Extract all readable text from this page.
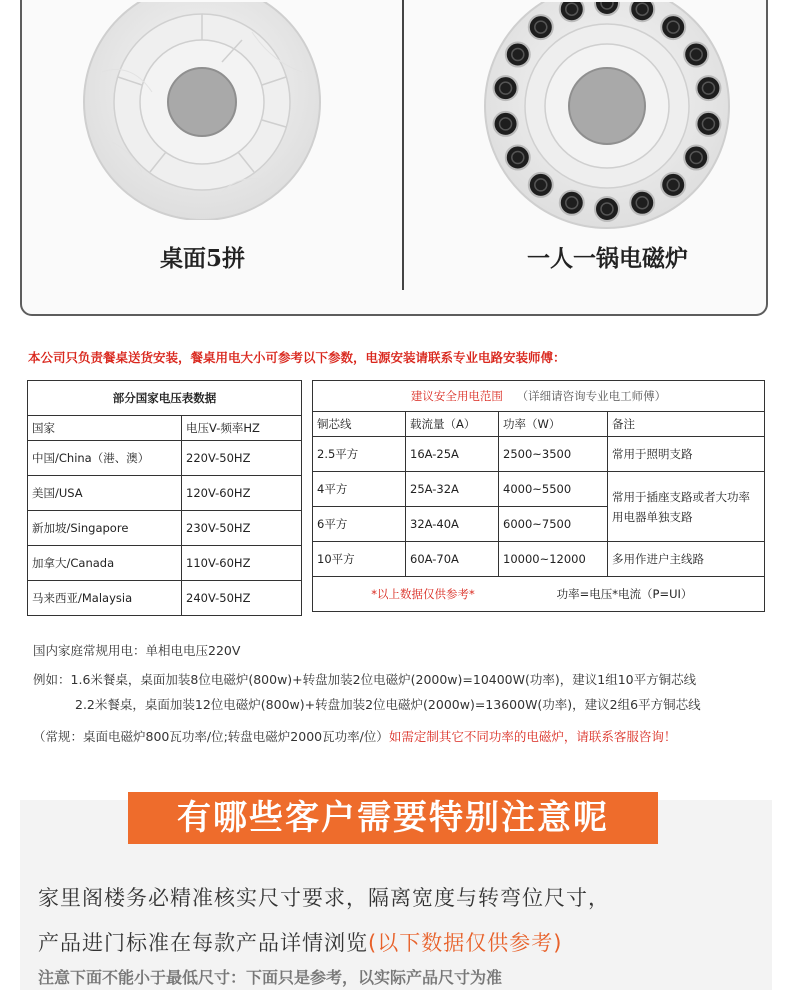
桌面5拼	一人一锅电磁炉
本公司只负责餐桌送货安装，餐桌用电大小可参考以下参数，电源安装请联系专业电路安装师傅：
部分国家电压表数据	
国家	电压V-频率HZ
中国/China（港、澳）	220V-50HZ
美国/USA	120V-60HZ
新加坡/Singapore	230V-50HZ
加拿大/Canada	110V-60HZ
马来西亚/Malaysia	240V-50HZ
建议安全用电范围 （详细请咨询专业电工师傅）			
铜芯线	载流量（A）	功率（W）	备注
2.5平方	16A-25A	2500~3500	常用于照明支路
4平方	25A-32A	4000~5500	常用于插座支路或者大功率用电器单独支路
6平方	32A-40A	6000~7500	
10平方	60A-70A	10000~12000	多用作进户主线路
*以上数据仅供参考* 功率=电压*电流（P=UI）			
国内家庭常规用电：单相电电压220V
例如：1.6米餐桌，桌面加装8位电磁炉(800w)+转盘加装2位电磁炉(2000w)=10400W(功率)，建议1组10平方铜芯线
2.2米餐桌，桌面加装12位电磁炉(800w)+转盘加装2位电磁炉(2000w)=13600W(功率)，建议2组6平方铜芯线
（常规：桌面电磁炉800瓦功率/位;转盘电磁炉2000瓦功率/位）如需定制其它不同功率的电磁炉，请联系客服咨询！
有哪些客户需要特别注意呢
家里阁楼务必精准核实尺寸要求，隔离宽度与转弯位尺寸，
产品进门标准在每款产品详情浏览(以下数据仅供参考)
注意下面不能小于最低尺寸：下面只是参考，以实际产品尺寸为准
